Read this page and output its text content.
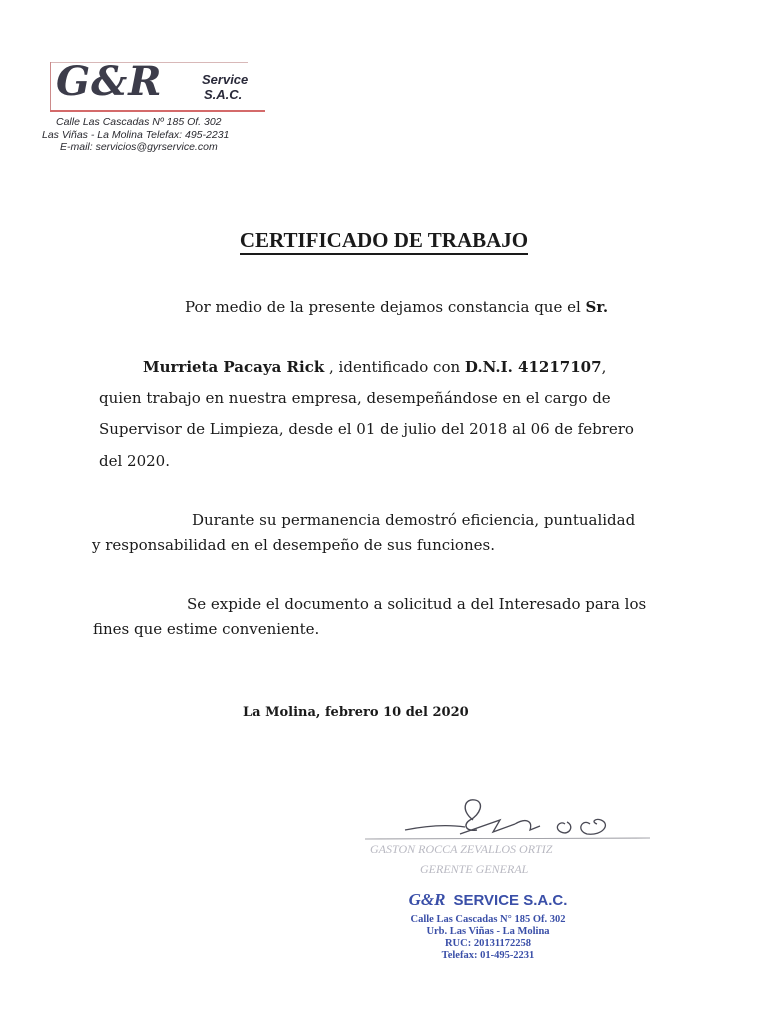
G&R	Service
S.A.C.
Calle Las Cascadas Nº 185 Of. 302
Las Viñas - La Molina Telefax: 495-2231
E-mail: servicios@gyrservice.com
CERTIFICADO DE TRABAJO
Por medio de la presente dejamos constancia que el Sr.
Murrieta Pacaya Rick , identificado con D.N.I. 41217107,
quien trabajo en nuestra empresa, desempeñándose en el cargo de
Supervisor de Limpieza, desde el 01 de julio del 2018 al 06 de febrero
del 2020.
Durante su permanencia demostró eficiencia, puntualidad
y responsabilidad en el desempeño de sus funciones.
Se expide el documento a solicitud a del Interesado para los
fines que estime conveniente.
La Molina, febrero 10 del 2020
GASTON ROCCA ZEVALLOS ORTIZ
GERENTE GENERAL
G&R SERVICE S.A.C.
Calle Las Cascadas N° 185 Of. 302
Urb. Las Viñas - La Molina
RUC: 20131172258
Telefax: 01-495-2231
